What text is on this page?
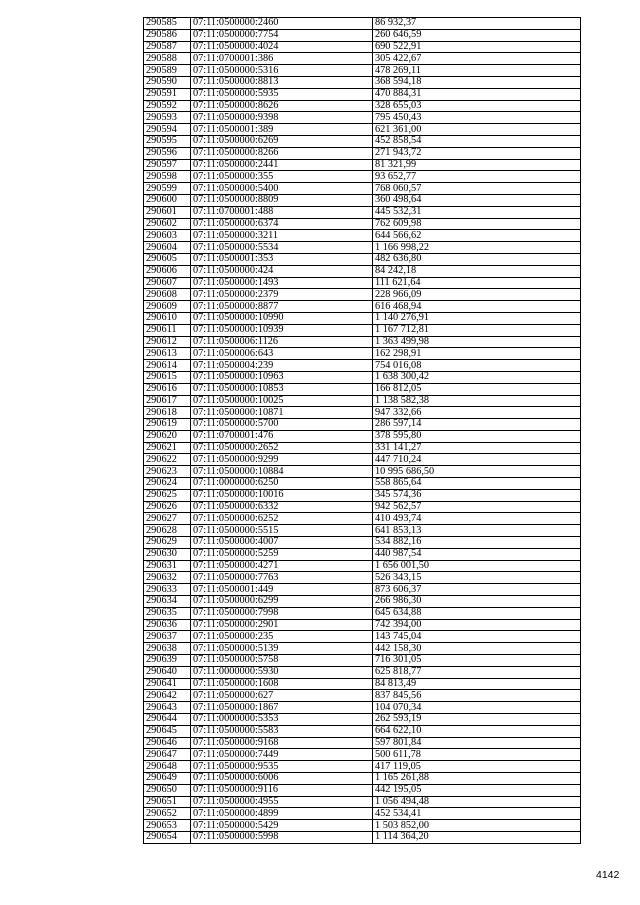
290585	07:11:0500000:2460	86 932,37
290586	07:11:0500000:7754	260 646,59
290587	07:11:0500000:4024	690 522,91
290588	07:11:0700001:386	305 422,67
290589	07:11:0500000:5316	478 269,11
290590	07:11:0500000:8813	368 594,18
290591	07:11:0500000:5935	470 884,31
290592	07:11:0500000:8626	328 655,03
290593	07:11:0500000:9398	795 450,43
290594	07:11:0500001:389	621 361,00
290595	07:11:0500000:6269	452 858,54
290596	07:11:0500000:8266	271 943,72
290597	07:11:0500000:2441	81 321,99
290598	07:11:0500000:355	93 652,77
290599	07:11:0500000:5400	768 060,57
290600	07:11:0500000:8809	360 498,64
290601	07:11:0700001:488	445 532,31
290602	07:11:0500000:6374	762 609,98
290603	07:11:0500000:3211	644 566,62
290604	07:11:0500000:5534	1 166 998,22
290605	07:11:0500001:353	482 636,80
290606	07:11:0500000:424	84 242,18
290607	07:11:0500000:1493	111 621,64
290608	07:11:0500000:2379	228 966,09
290609	07:11:0500000:8877	616 468,94
290610	07:11:0500000:10990	1 140 276,91
290611	07:11:0500000:10939	1 167 712,81
290612	07:11:0500006:1126	1 363 499,98
290613	07:11:0500006:643	162 298,91
290614	07:11:0500004:239	754 016,08
290615	07:11:0500000:10963	1 638 300,42
290616	07:11:0500000:10853	166 812,05
290617	07:11:0500000:10025	1 138 582,38
290618	07:11:0500000:10871	947 332,66
290619	07:11:0500000:5700	286 597,14
290620	07:11:0700001:476	378 595,80
290621	07:11:0500000:2652	331 141,27
290622	07:11:0500000:9299	447 710,24
290623	07:11:0500000:10884	10 995 686,50
290624	07:11:0000000:6250	558 865,64
290625	07:11:0500000:10016	345 574,36
290626	07:11:0500000:6332	942 562,57
290627	07:11:0500000:6252	410 493,74
290628	07:11:0500000:5515	641 853,13
290629	07:11:0500000:4007	534 882,16
290630	07:11:0500000:5259	440 987,54
290631	07:11:0500000:4271	1 656 001,50
290632	07:11:0500000:7763	526 343,15
290633	07:11:0500001:449	873 606,37
290634	07:11:0500000:6299	266 986,30
290635	07:11:0500000:7998	645 634,88
290636	07:11:0500000:2901	742 394,00
290637	07:11:0500000:235	143 745,04
290638	07:11:0500000:5139	442 158,30
290639	07:11:0500000:5758	716 301,05
290640	07:11:0000000:5930	625 818,77
290641	07:11:0500000:1608	84 813,49
290642	07:11:0500000:627	837 845,56
290643	07:11:0500000:1867	104 070,34
290644	07:11:0000000:5353	262 593,19
290645	07:11:0500000:5583	664 622,10
290646	07:11:0500000:9168	597 801,84
290647	07:11:0500000:7449	500 611,78
290648	07:11:0500000:9535	417 119,05
290649	07:11:0500000:6006	1 165 261,88
290650	07:11:0500000:9116	442 195,05
290651	07:11:0500000:4955	1 056 494,48
290652	07:11:0500000:4899	452 534,41
290653	07:11:0500000:5429	1 503 852,00
290654	07:11:0500000:5998	1 114 364,20
4142
